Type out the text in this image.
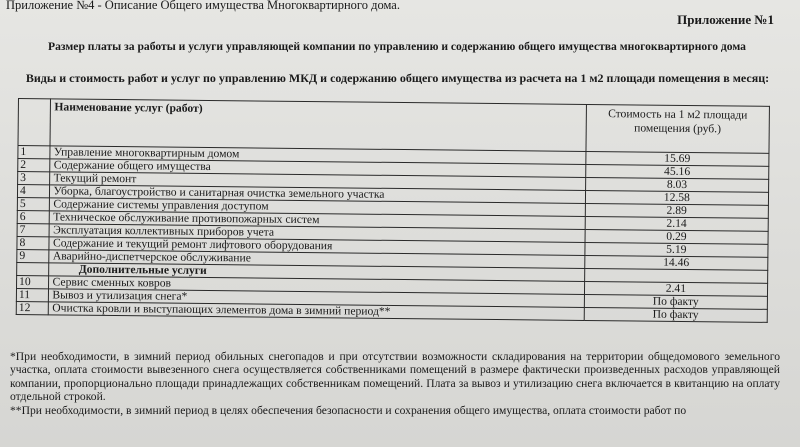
Приложение №4 - Описание Общего имущества Многоквартирного дома.
Приложение №1
Размер платы за работы и услуги управляющей компании по управлению и содержанию общего имущества многоквартирного дома
Виды и стоимость работ и услуг по управлению МКД и содержанию общего имущества из расчета на 1 м2 площади помещения в месяц:
	Наименование услуг (работ)	Стоимость на 1 м2 площади помещения (руб.)
1	Управление многоквартирным домом	15.69
2	Содержание общего имущества	45.16
3	Текущий ремонт	8.03
4	Уборка, благоустройство и санитарная очистка земельного участка	12.58
5	Содержание системы управления доступом	2.89
6	Техническое обслуживание противопожарных систем	2.14
7	Эксплуатация коллективных приборов учета	0.29
8	Содержание и текущий ремонт лифтового оборудования	5.19
9	Аварийно-диспетчерское обслуживание	14.46
	Дополнительные услуги	
10	Сервис сменных ковров	2.41
11	Вывоз и утилизация снега*	По факту
12	Очистка кровли и выступающих элементов дома в зимний период**	По факту

*При необходимости, в зимний период обильных снегопадов и при отсутствии возможности складирования на территории общедомового земельного участка, оплата стоимости вывезенного снега осуществляется собственниками помещений в размере фактически произведенных расходов управляющей компании, пропорционально площади принадлежащих собственникам помещений. Плата за вывоз и утилизацию снега включается в квитанцию на оплату отдельной строкой.

**При необходимости, в зимний период в целях обеспечения безопасности и сохранения общего имущества, оплата стоимости работ по
